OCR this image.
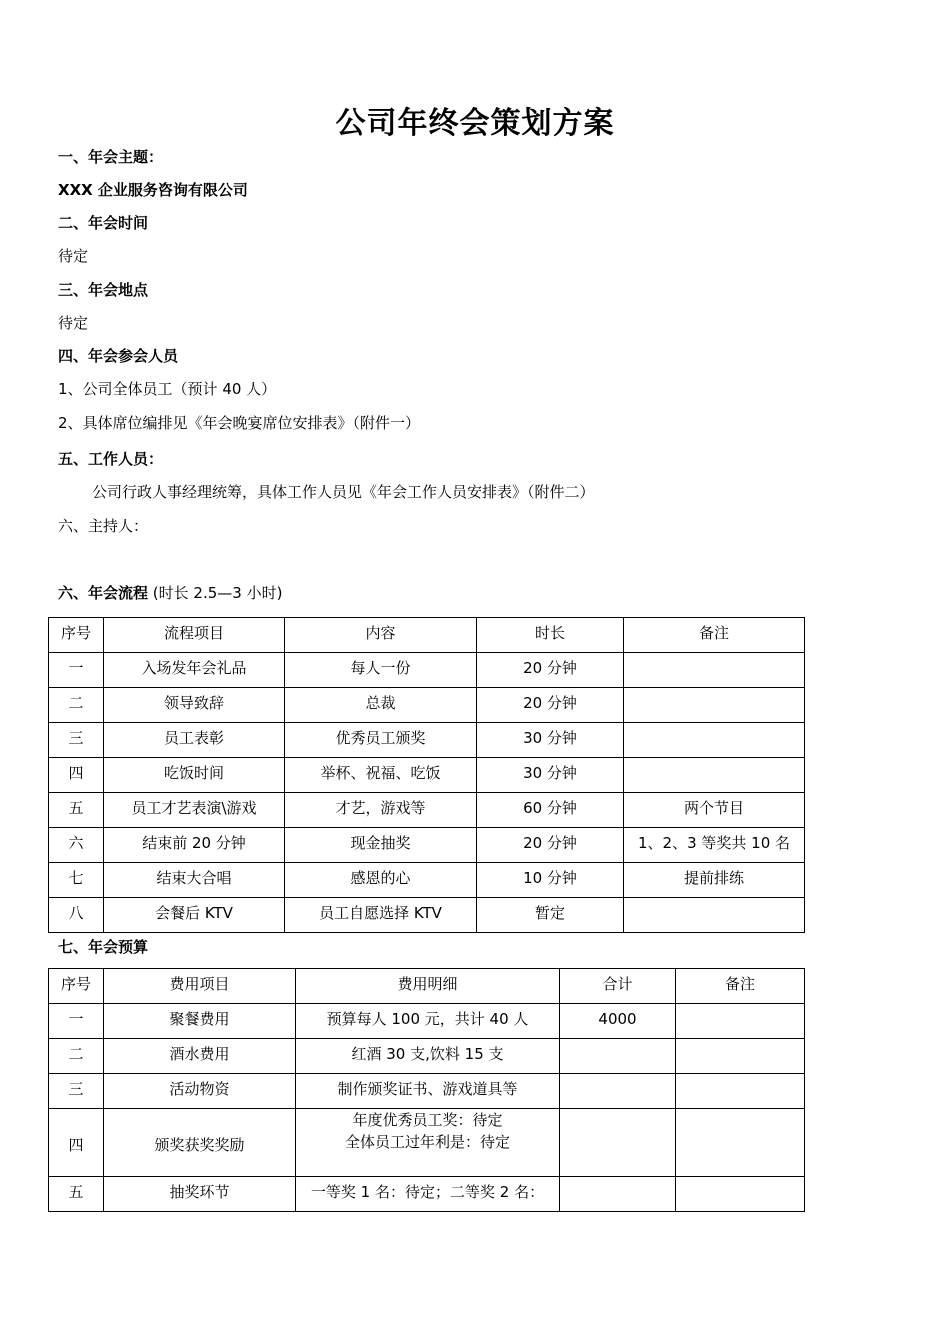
公司年终会策划方案
一、年会主题：
XXX 企业服务咨询有限公司
二、年会时间
待定
三、年会地点
待定
四、年会参会人员
1、公司全体员工（预计 40 人）
2、具体席位编排见《年会晚宴席位安排表》（附件一）
五、工作人员：
公司行政人事经理统筹，具体工作人员见《年会工作人员安排表》（附件二）
六、主持人：
六、年会流程 (时长 2.5—3 小时)
序号	流程项目	内容	时长	备注
一	入场发年会礼品	每人一份	20 分钟	
二	领导致辞	总裁	20 分钟	
三	员工表彰	优秀员工颁奖	30 分钟	
四	吃饭时间	举杯、祝福、吃饭	30 分钟	
五	员工才艺表演\游戏	才艺，游戏等	60 分钟	两个节目
六	结束前 20 分钟	现金抽奖	20 分钟	1、2、3 等奖共 10 名
七	结束大合唱	感恩的心	10 分钟	提前排练
八	会餐后 KTV	员工自愿选择 KTV	暂定	
七、年会预算
序号	费用项目	费用明细	合计	备注
一	聚餐费用	预算每人 100 元，共计 40 人	4000	
二	酒水费用	红酒 30 支,饮料 15 支		
三	活动物资	制作颁奖证书、游戏道具等		
四	颁奖获奖奖励	年度优秀员工奖：待定
全体员工过年利是：待定		

五	抽奖环节	一等奖 1 名：待定；二等奖 2 名：		
